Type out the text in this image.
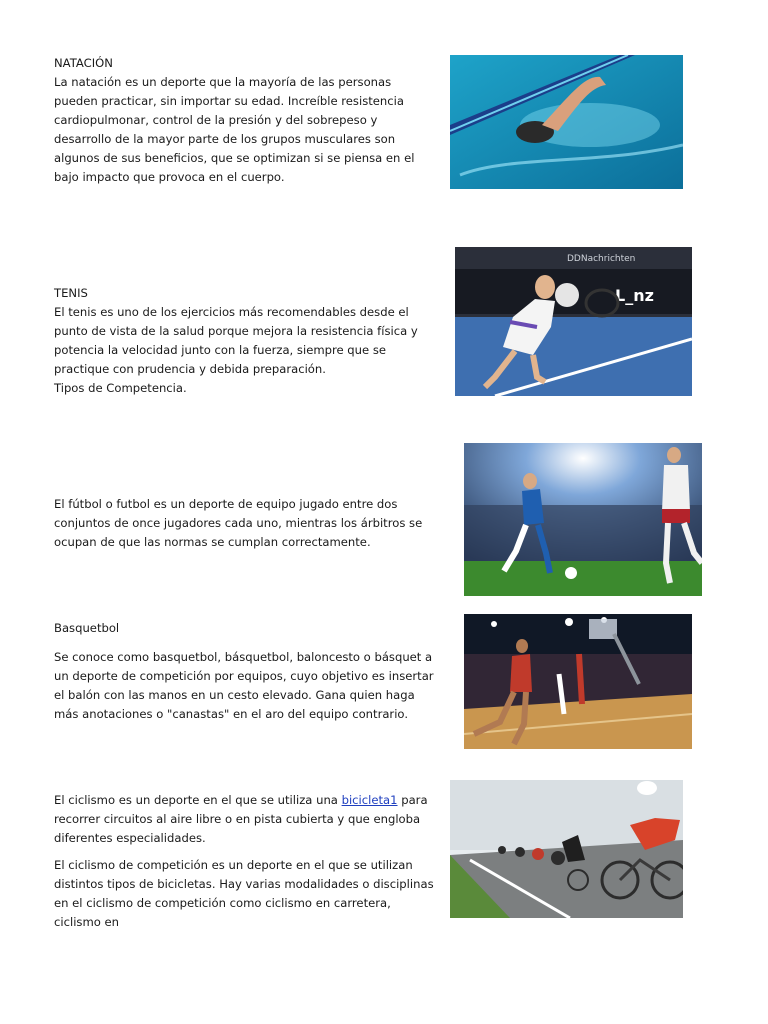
NATACIÓN

La natación es un deporte que la mayoría de las personas pueden practicar, sin importar su edad. Increíble resistencia cardiopulmonar, control de la presión y del sobrepeso y desarrollo de la mayor parte de los grupos musculares son algunos de sus beneficios, que se optimizan si se piensa en el bajo impacto que provoca en el cuerpo.

TENIS

El tenis es uno de los ejercicios más recomendables desde el punto de vista de la salud porque mejora la resistencia física y potencia la velocidad junto con la fuerza, siempre que se practique con prudencia y debida preparación.

Tipos de Competencia.

DDNachrichten
L_nz

El fútbol o futbol es un deporte de equipo jugado entre dos conjuntos de once jugadores cada uno, mientras los árbitros se ocupan de que las normas se cumplan correctamente.

Basquetbol

Se conoce como basquetbol, básquetbol, baloncesto o básquet a un deporte de competición por equipos, cuyo objetivo es insertar el balón con las manos en un cesto elevado. Gana quien haga más anotaciones o "canastas" en el aro del equipo contrario.

El ciclismo es un deporte en el que se utiliza una bicicleta1 para recorrer circuitos al aire libre o en pista cubierta y que engloba diferentes especialidades.

El ciclismo de competición es un deporte en el que se utilizan distintos tipos de bicicletas. Hay varias modalidades o disciplinas en el ciclismo de competición como ciclismo en carretera, ciclismo en
